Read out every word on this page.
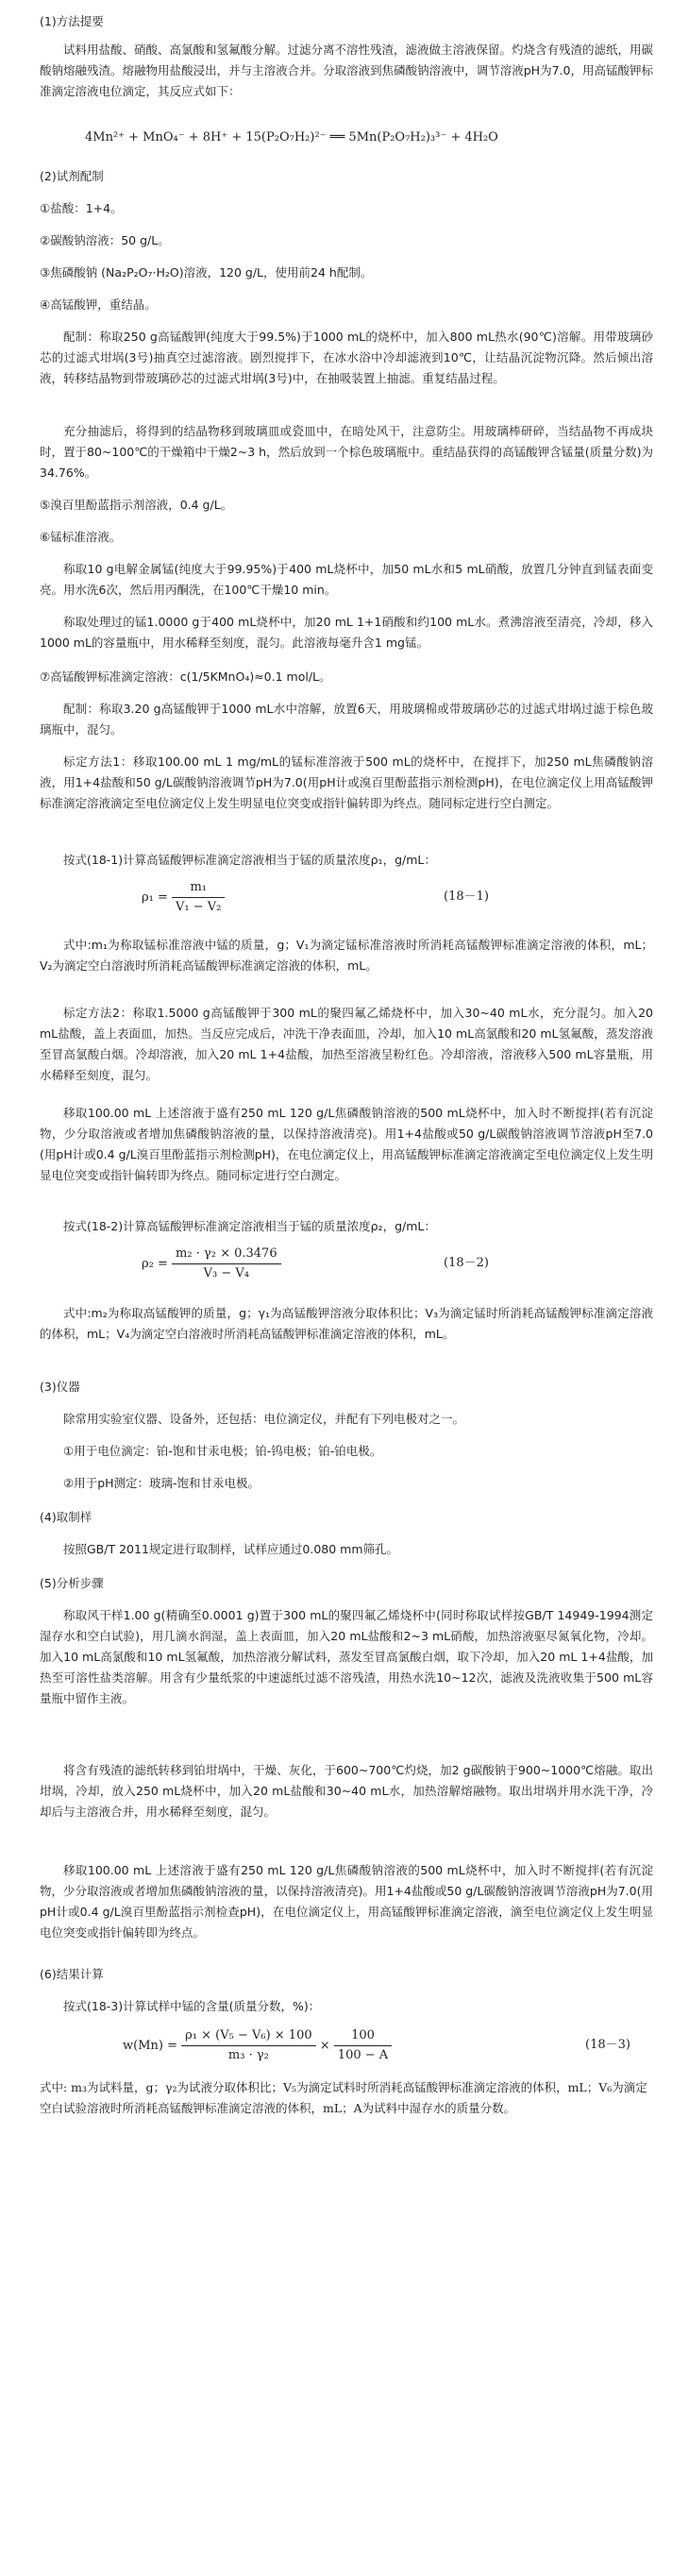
(1)方法提要
试料用盐酸、硝酸、高氯酸和氢氟酸分解。过滤分离不溶性残渣，滤液做主溶液保留。灼烧含有残渣的滤纸，用碳酸钠熔融残渣。熔融物用盐酸浸出，并与主溶液合并。分取溶液到焦磷酸钠溶液中，调节溶液pH为7.0，用高锰酸钾标准滴定溶液电位滴定，其反应式如下：
4Mn²⁺ + MnO₄⁻ + 8H⁺ + 15(P₂O₇H₂)²⁻ ══ 5Mn(P₂O₇H₂)₃³⁻ + 4H₂O
(2)试剂配制
①盐酸：1+4。
②碳酸钠溶液：50 g/L。
③焦磷酸钠 (Na₂P₂O₇·H₂O)溶液，120 g/L，使用前24 h配制。
④高锰酸钾，重结晶。
配制：称取250 g高锰酸钾(纯度大于99.5%)于1000 mL的烧杯中，加入800 mL热水(90℃)溶解。用带玻璃砂芯的过滤式坩埚(3号)抽真空过滤溶液。剧烈搅拌下，在冰水浴中冷却滤液到10℃，让结晶沉淀物沉降。然后倾出溶液，转移结晶物到带玻璃砂芯的过滤式坩埚(3号)中，在抽吸装置上抽滤。重复结晶过程。
充分抽滤后，将得到的结晶物移到玻璃皿或瓷皿中，在暗处风干，注意防尘。用玻璃棒研碎，当结晶物不再成块时，置于80~100℃的干燥箱中干燥2~3 h，然后放到一个棕色玻璃瓶中。重结晶获得的高锰酸钾含锰量(质量分数)为34.76%。
⑤溴百里酚蓝指示剂溶液，0.4 g/L。
⑥锰标准溶液。
称取10 g电解金属锰(纯度大于99.95%)于400 mL烧杯中，加50 mL水和5 mL硝酸，放置几分钟直到锰表面变亮。用水洗6次，然后用丙酮洗，在100℃干燥10 min。
称取处理过的锰1.0000 g于400 mL烧杯中，加20 mL 1+1硝酸和约100 mL水。煮沸溶液至清亮，冷却，移入1000 mL的容量瓶中，用水稀释至刻度，混匀。此溶液每毫升含1 mg锰。
⑦高锰酸钾标准滴定溶液：c(1/5KMnO₄)≈0.1 mol/L。
配制：称取3.20 g高锰酸钾于1000 mL水中溶解，放置6天，用玻璃棉或带玻璃砂芯的过滤式坩埚过滤于棕色玻璃瓶中，混匀。
标定方法1：移取100.00 mL 1 mg/mL的锰标准溶液于500 mL的烧杯中，在搅拌下，加250 mL焦磷酸钠溶液，用1+4盐酸和50 g/L碳酸钠溶液调节pH为7.0(用pH计或溴百里酚蓝指示剂检测pH)，在电位滴定仪上用高锰酸钾标准滴定溶液滴定至电位滴定仪上发生明显电位突变或指针偏转即为终点。随同标定进行空白测定。
按式(18-1)计算高锰酸钾标准滴定溶液相当于锰的质量浓度ρ₁，g/mL：
$\rho_1 = \frac{\text{m₁}}{\text{V₁ − V₂}}$	(18－1)
式中:m₁为称取锰标准溶液中锰的质量，g；V₁为滴定锰标准溶液时所消耗高锰酸钾标准滴定溶液的体积，mL；V₂为滴定空白溶液时所消耗高锰酸钾标准滴定溶液的体积，mL。
标定方法2：称取1.5000 g高锰酸钾于300 mL的聚四氟乙烯烧杯中，加入30~40 mL水，充分混匀。加入20 mL盐酸，盖上表面皿，加热。当反应完成后，冲洗干净表面皿，冷却，加入10 mL高氯酸和20 mL氢氟酸，蒸发溶液至冒高氯酸白烟。冷却溶液，加入20 mL 1+4盐酸，加热至溶液呈粉红色。冷却溶液，溶液移入500 mL容量瓶，用水稀释至刻度，混匀。
移取100.00 mL 上述溶液于盛有250 mL 120 g/L焦磷酸钠溶液的500 mL烧杯中，加入时不断搅拌(若有沉淀物，少分取溶液或者增加焦磷酸钠溶液的量，以保持溶液清亮)。用1+4盐酸或50 g/L碳酸钠溶液调节溶液pH至7.0 (用pH计或0.4 g/L溴百里酚蓝指示剂检测pH)，在电位滴定仪上，用高锰酸钾标准滴定溶液滴定至电位滴定仪上发生明显电位突变或指针偏转即为终点。随同标定进行空白测定。
按式(18-2)计算高锰酸钾标准滴定溶液相当于锰的质量浓度ρ₂，g/mL：
$\rho_2 = \frac{\text{m₂ · γ₂ × 0.3476}}{\text{V₃ − V₄}}$	(18－2)
式中:m₂为称取高锰酸钾的质量，g；γ₁为高锰酸钾溶液分取体积比；V₃为滴定锰时所消耗高锰酸钾标准滴定溶液的体积，mL；V₄为滴定空白溶液时所消耗高锰酸钾标准滴定溶液的体积，mL。
(3)仪器
除常用实验室仪器、设备外，还包括：电位滴定仪，并配有下列电极对之一。
①用于电位滴定：铂-饱和甘汞电极；铂-钨电极；铂-铂电极。
②用于pH测定：玻璃-饱和甘汞电极。
(4)取制样
按照GB/T 2011规定进行取制样，试样应通过0.080 mm筛孔。
(5)分析步骤
称取风干样1.00 g(精确至0.0001 g)置于300 mL的聚四氟乙烯烧杯中(同时称取试样按GB/T 14949-1994测定湿存水和空白试验)，用几滴水润湿，盖上表面皿，加入20 mL盐酸和2~3 mL硝酸，加热溶液驱尽氮氧化物，冷却。加入10 mL高氯酸和10 mL氢氟酸，加热溶液分解试料，蒸发至冒高氯酸白烟，取下冷却，加入20 mL 1+4盐酸，加热至可溶性盐类溶解。用含有少量纸浆的中速滤纸过滤不溶残渣，用热水洗10~12次，滤液及洗液收集于500 mL容量瓶中留作主液。
将含有残渣的滤纸转移到铂坩埚中，干燥、灰化，于600~700℃灼烧，加2 g碳酸钠于900~1000℃熔融。取出坩埚，冷却，放入250 mL烧杯中，加入20 mL盐酸和30~40 mL水，加热溶解熔融物。取出坩埚并用水洗干净，冷却后与主溶液合并，用水稀释至刻度，混匀。
移取100.00 mL 上述溶液于盛有250 mL 120 g/L焦磷酸钠溶液的500 mL烧杯中，加入时不断搅拌(若有沉淀物，少分取溶液或者增加焦磷酸钠溶液的量，以保持溶液清亮)。用1+4盐酸或50 g/L碳酸钠溶液调节溶液pH为7.0(用pH计或0.4 g/L溴百里酚蓝指示剂检查pH)，在电位滴定仪上，用高锰酸钾标准滴定溶液，滴至电位滴定仪上发生明显电位突变或指针偏转即为终点。
(6)结果计算
按式(18-3)计算试样中锰的含量(质量分数，%)：
$w(Mn) = \frac{\text{ρ₁ × (V₅ − V₆) × 100}}{\text{m₃ · γ₂}} \times \frac{100}{100 - A}$	(18－3)
式中: m₃为试料量，g；γ₂为试液分取体积比；V₅为滴定试料时所消耗高锰酸钾标准滴定溶液的体积，mL；V₆为滴定空白试验溶液时所消耗高锰酸钾标准滴定溶液的体积，mL；A为试料中湿存水的质量分数。
